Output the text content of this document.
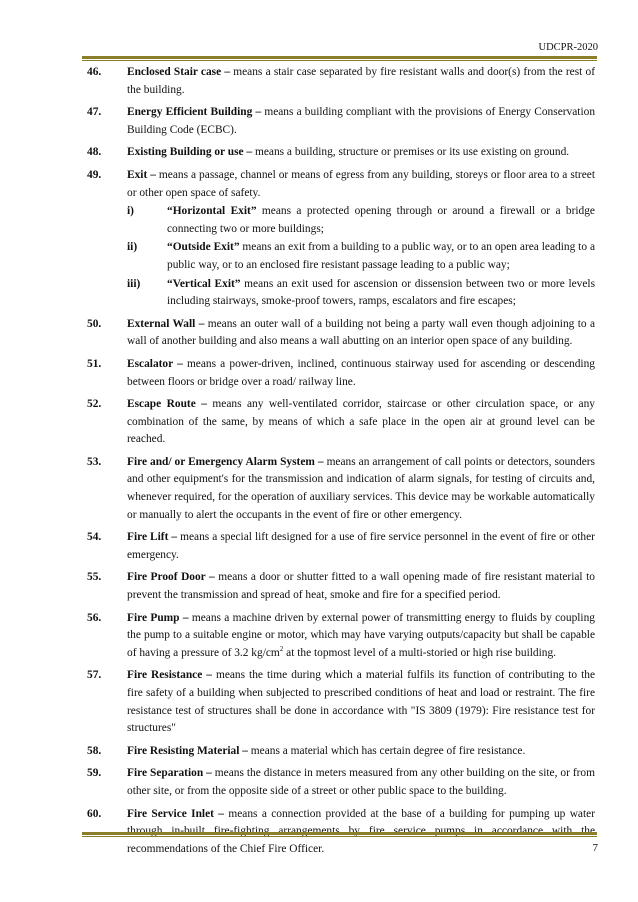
UDCPR-2020
46.	Enclosed Stair case – means a stair case separated by fire resistant walls and door(s) from the rest of the building.
47.	Energy Efficient Building – means a building compliant with the provisions of Energy Conservation Building Code (ECBC).
48.	Existing Building or use – means a building, structure or premises or its use existing on ground.
49.	Exit – means a passage, channel or means of egress from any building, storeys or floor area to a street or other open space of safety.
i)	“Horizontal Exit” means a protected opening through or around a firewall or a bridge connecting two or more buildings;
ii)	“Outside Exit” means an exit from a building to a public way, or to an open area leading to a public way, or to an enclosed fire resistant passage leading to a public way;
iii)	“Vertical Exit” means an exit used for ascension or dissension between two or more levels including stairways, smoke-proof towers, ramps, escalators and fire escapes;
50.	External Wall – means an outer wall of a building not being a party wall even though adjoining to a wall of another building and also means a wall abutting on an interior open space of any building.
51.	Escalator – means a power-driven, inclined, continuous stairway used for ascending or descending between floors or bridge over a road/ railway line.
52.	Escape Route – means any well-ventilated corridor, staircase or other circulation space, or any combination of the same, by means of which a safe place in the open air at ground level can be reached.
53.	Fire and/ or Emergency Alarm System – means an arrangement of call points or detectors, sounders and other equipment's for the transmission and indication of alarm signals, for testing of circuits and, whenever required, for the operation of auxiliary services. This device may be workable automatically or manually to alert the occupants in the event of fire or other emergency.
54.	Fire Lift – means a special lift designed for a use of fire service personnel in the event of fire or other emergency.
55.	Fire Proof Door – means a door or shutter fitted to a wall opening made of fire resistant material to prevent the transmission and spread of heat, smoke and fire for a specified period.
56.	Fire Pump – means a machine driven by external power of transmitting energy to fluids by coupling the pump to a suitable engine or motor, which may have varying outputs/capacity but shall be capable of having a pressure of 3.2 $kg/cm^2$ at the topmost level of a multi-storied or high rise building.
57.	Fire Resistance – means the time during which a material fulfils its function of contributing to the fire safety of a building when subjected to prescribed conditions of heat and load or restraint. The fire resistance test of structures shall be done in accordance with "IS 3809 (1979): Fire resistance test for structures"
58.	Fire Resisting Material – means a material which has certain degree of fire resistance.
59.	Fire Separation – means the distance in meters measured from any other building on the site, or from other site, or from the opposite side of a street or other public space to the building.
60.	Fire Service Inlet – means a connection provided at the base of a building for pumping up water recommendations of the Chief Fire Officer.	7
